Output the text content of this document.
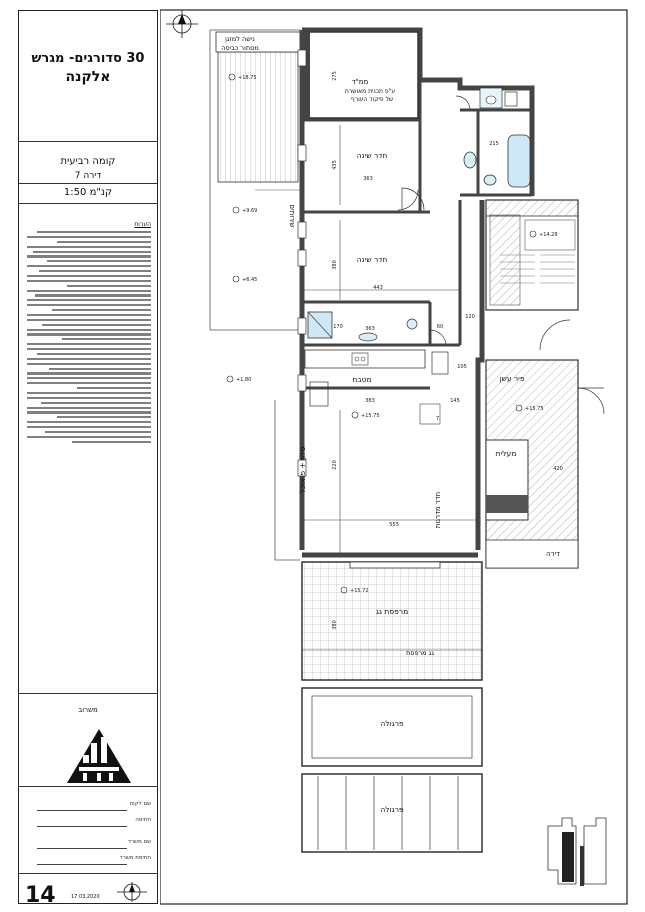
30 סדורגים- מגרש
אלקנה
קומה רביעית
דירה 7
1:50 קנ"מ
הערות
משרוב
שם לקוח
חתימה
שם משרד
חתימת משרד
14	17.03.2020
נישה למזגן
מסתור כביסה
ממ"ד
ע"פ תכנית מאושרת
של פיקוד העורף
חדר שינה
חדר שינה
מטבח
סלון + פ.אוכל
מרפסת גג
גג מרפסת
פרגולה
פרגולה
פיר עשן
מעלית
דירה
שירותים
חדר מדרגות
+18.75
+9.69
+6.45
+1.80
+15.75
+14.28
+15.75
+15.72
363
443
553
383
363
380
275
215
435
120
170	60
105
145
420
380
220
7
